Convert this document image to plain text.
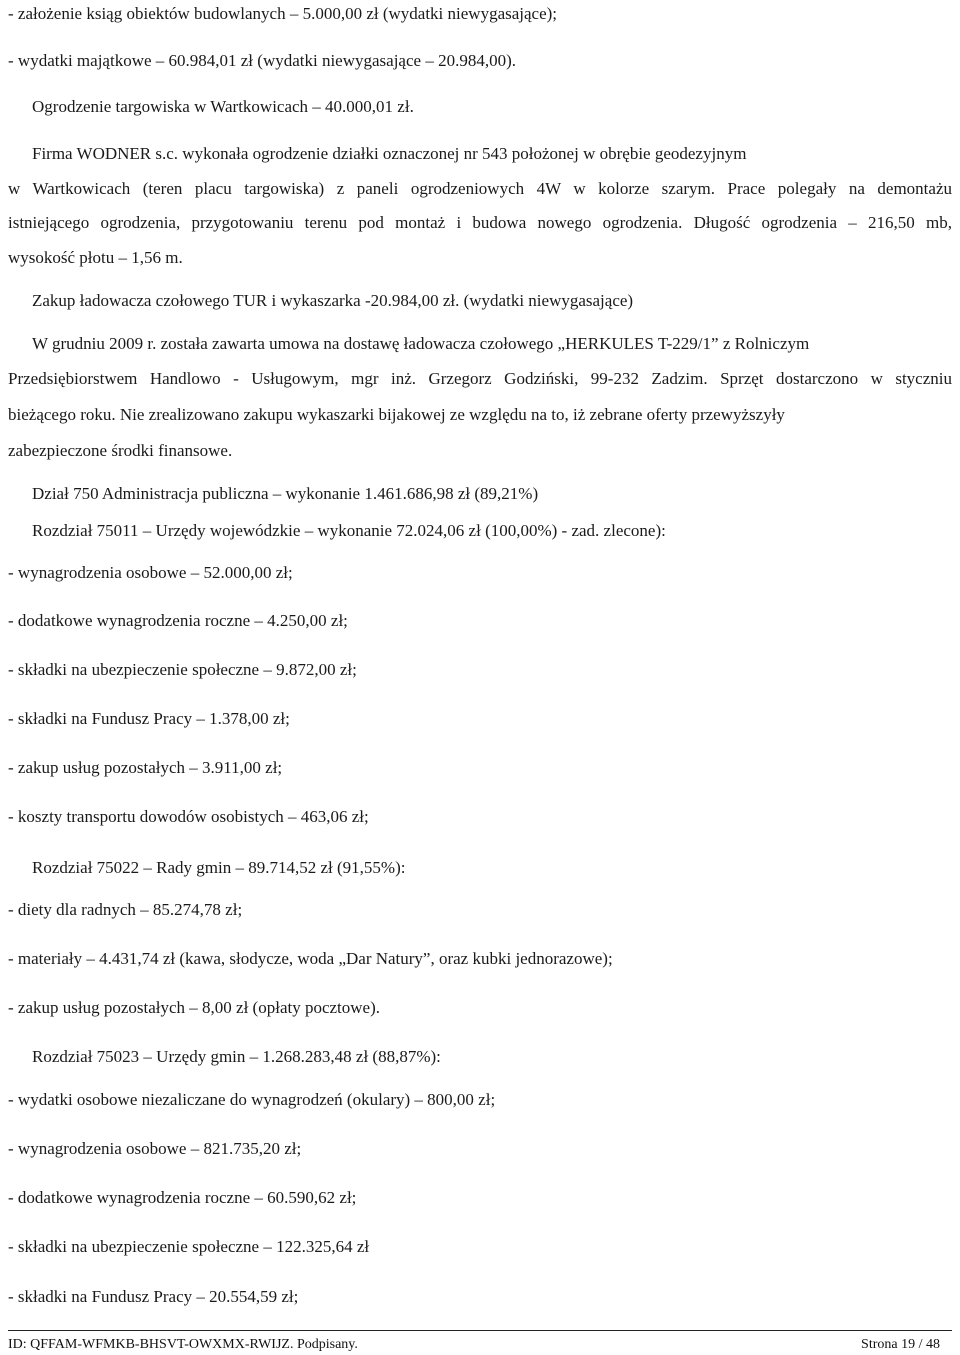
- założenie ksiąg obiektów budowlanych – 5.000,00 zł (wydatki niewygasające);
- wydatki majątkowe – 60.984,01 zł (wydatki niewygasające – 20.984,00).
Ogrodzenie targowiska w Wartkowicach – 40.000,01 zł.
Firma WODNER s.c. wykonała ogrodzenie działki oznaczonej nr 543 położonej w obrębie geodezyjnym
w Wartkowicach (teren placu targowiska) z paneli ogrodzeniowych 4W w kolorze szarym. Prace polegały na demontażu
istniejącego ogrodzenia, przygotowaniu terenu pod montaż i budowa nowego ogrodzenia. Długość ogrodzenia – 216,50 mb,
wysokość płotu – 1,56 m.
Zakup ładowacza czołowego TUR i wykaszarka -20.984,00 zł. (wydatki niewygasające)
W grudniu 2009 r. została zawarta umowa na dostawę ładowacza czołowego „HERKULES T-229/1” z Rolniczym
Przedsiębiorstwem Handlowo - Usługowym, mgr inż. Grzegorz Godziński, 99-232 Zadzim. Sprzęt dostarczono w styczniu
bieżącego roku. Nie zrealizowano zakupu wykaszarki bijakowej ze względu na to, iż zebrane oferty przewyższyły
zabezpieczone środki finansowe.
Dział 750 Administracja publiczna – wykonanie 1.461.686,98 zł (89,21%)
Rozdział 75011 – Urzędy wojewódzkie – wykonanie 72.024,06 zł (100,00%) - zad. zlecone):
- wynagrodzenia osobowe – 52.000,00 zł;
- dodatkowe wynagrodzenia roczne – 4.250,00 zł;
- składki na ubezpieczenie społeczne – 9.872,00 zł;
- składki na Fundusz Pracy – 1.378,00 zł;
- zakup usług pozostałych – 3.911,00 zł;
- koszty transportu dowodów osobistych – 463,06 zł;
Rozdział 75022 – Rady gmin – 89.714,52 zł (91,55%):
- diety dla radnych – 85.274,78 zł;
- materiały – 4.431,74 zł (kawa, słodycze, woda „Dar Natury”, oraz kubki jednorazowe);
- zakup usług pozostałych – 8,00 zł (opłaty pocztowe).
Rozdział 75023 – Urzędy gmin – 1.268.283,48 zł (88,87%):
- wydatki osobowe niezaliczane do wynagrodzeń (okulary) – 800,00 zł;
- wynagrodzenia osobowe – 821.735,20 zł;
- dodatkowe wynagrodzenia roczne – 60.590,62 zł;
- składki na ubezpieczenie społeczne – 122.325,64 zł
- składki na Fundusz Pracy – 20.554,59 zł;
ID: QFFAM-WFMKB-BHSVT-OWXMX-RWIJZ. Podpisany.	Strona 19 / 48
